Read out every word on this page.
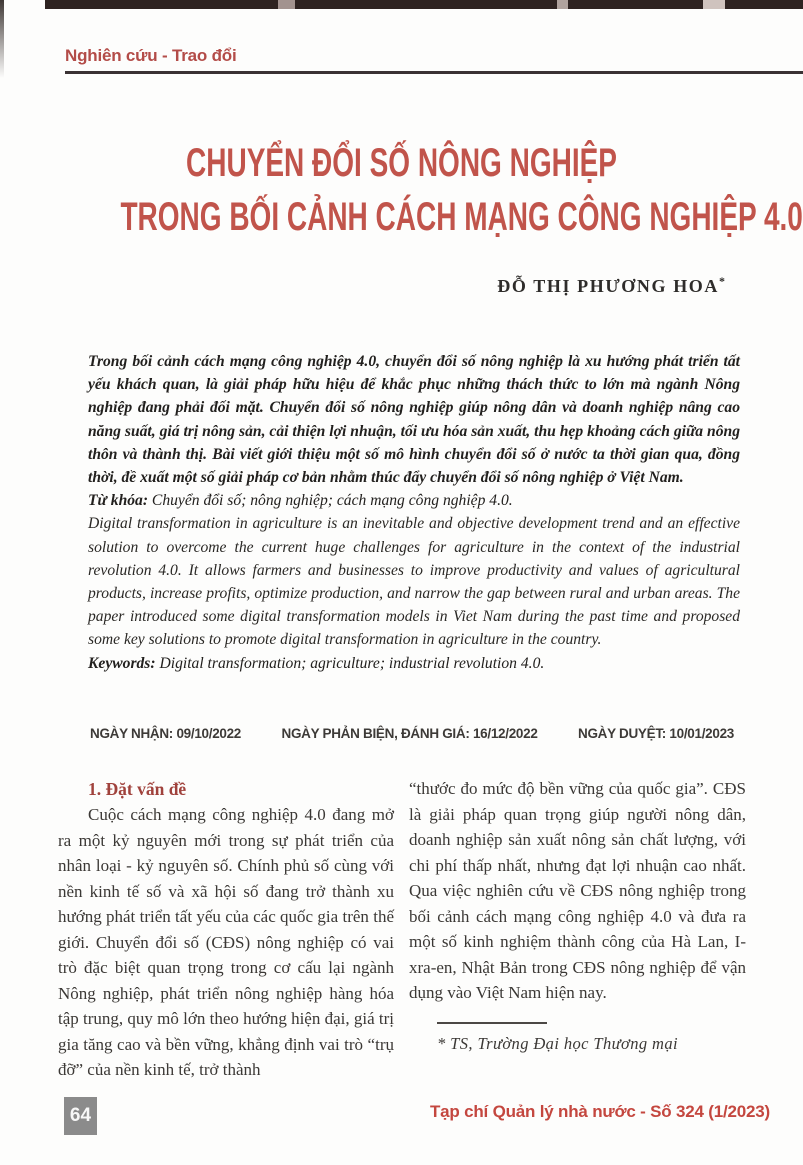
Nghiên cứu - Trao đổi
CHUYỂN ĐỔI SỐ NÔNG NGHIỆP
TRONG BỐI CẢNH CÁCH MẠNG CÔNG NGHIỆP 4.0
ĐỖ THỊ PHƯƠNG HOA*

Trong bối cảnh cách mạng công nghiệp 4.0, chuyển đổi số nông nghiệp là xu hướng phát triển tất yếu khách quan, là giải pháp hữu hiệu để khắc phục những thách thức to lớn mà ngành Nông nghiệp đang phải đối mặt. Chuyển đổi số nông nghiệp giúp nông dân và doanh nghiệp nâng cao năng suất, giá trị nông sản, cải thiện lợi nhuận, tối ưu hóa sản xuất, thu hẹp khoảng cách giữa nông thôn và thành thị. Bài viết giới thiệu một số mô hình chuyển đổi số ở nước ta thời gian qua, đồng thời, đề xuất một số giải pháp cơ bản nhằm thúc đẩy chuyển đổi số nông nghiệp ở Việt Nam.

Từ khóa: Chuyển đổi số; nông nghiệp; cách mạng công nghiệp 4.0.

Digital transformation in agriculture is an inevitable and objective development trend and an effective solution to overcome the current huge challenges for agriculture in the context of the industrial revolution 4.0. It allows farmers and businesses to improve productivity and values of agricultural products, increase profits, optimize production, and narrow the gap between rural and urban areas. The paper introduced some digital transformation models in Viet Nam during the past time and proposed some key solutions to promote digital transformation in agriculture in the country.

Keywords: Digital transformation; agriculture; industrial revolution 4.0.

NGÀY NHẬN: 09/10/2022	NGÀY PHẢN BIỆN, ĐÁNH GIÁ: 16/12/2022	NGÀY DUYỆT: 10/01/2023
1. Đặt vấn đề

Cuộc cách mạng công nghiệp 4.0 đang mở ra một kỷ nguyên mới trong sự phát triển của nhân loại - kỷ nguyên số. Chính phủ số cùng với nền kinh tế số và xã hội số đang trở thành xu hướng phát triển tất yếu của các quốc gia trên thế giới. Chuyển đổi số (CĐS) nông nghiệp có vai trò đặc biệt quan trọng trong cơ cấu lại ngành Nông nghiệp, phát triển nông nghiệp hàng hóa tập trung, quy mô lớn theo hướng hiện đại, giá trị gia tăng cao và bền vững, khẳng định vai trò “trụ đỡ” của nền kinh tế, trở thành

“thước đo mức độ bền vững của quốc gia”. CĐS là giải pháp quan trọng giúp người nông dân, doanh nghiệp sản xuất nông sản chất lượng, với chi phí thấp nhất, nhưng đạt lợi nhuận cao nhất. Qua việc nghiên cứu về CĐS nông nghiệp trong bối cảnh cách mạng công nghiệp 4.0 và đưa ra một số kinh nghiệm thành công của Hà Lan, I-xra-en, Nhật Bản trong CĐS nông nghiệp để vận dụng vào Việt Nam hiện nay.

* TS, Trường Đại học Thương mại
64	Tạp chí Quản lý nhà nước - Số 324 (1/2023)
